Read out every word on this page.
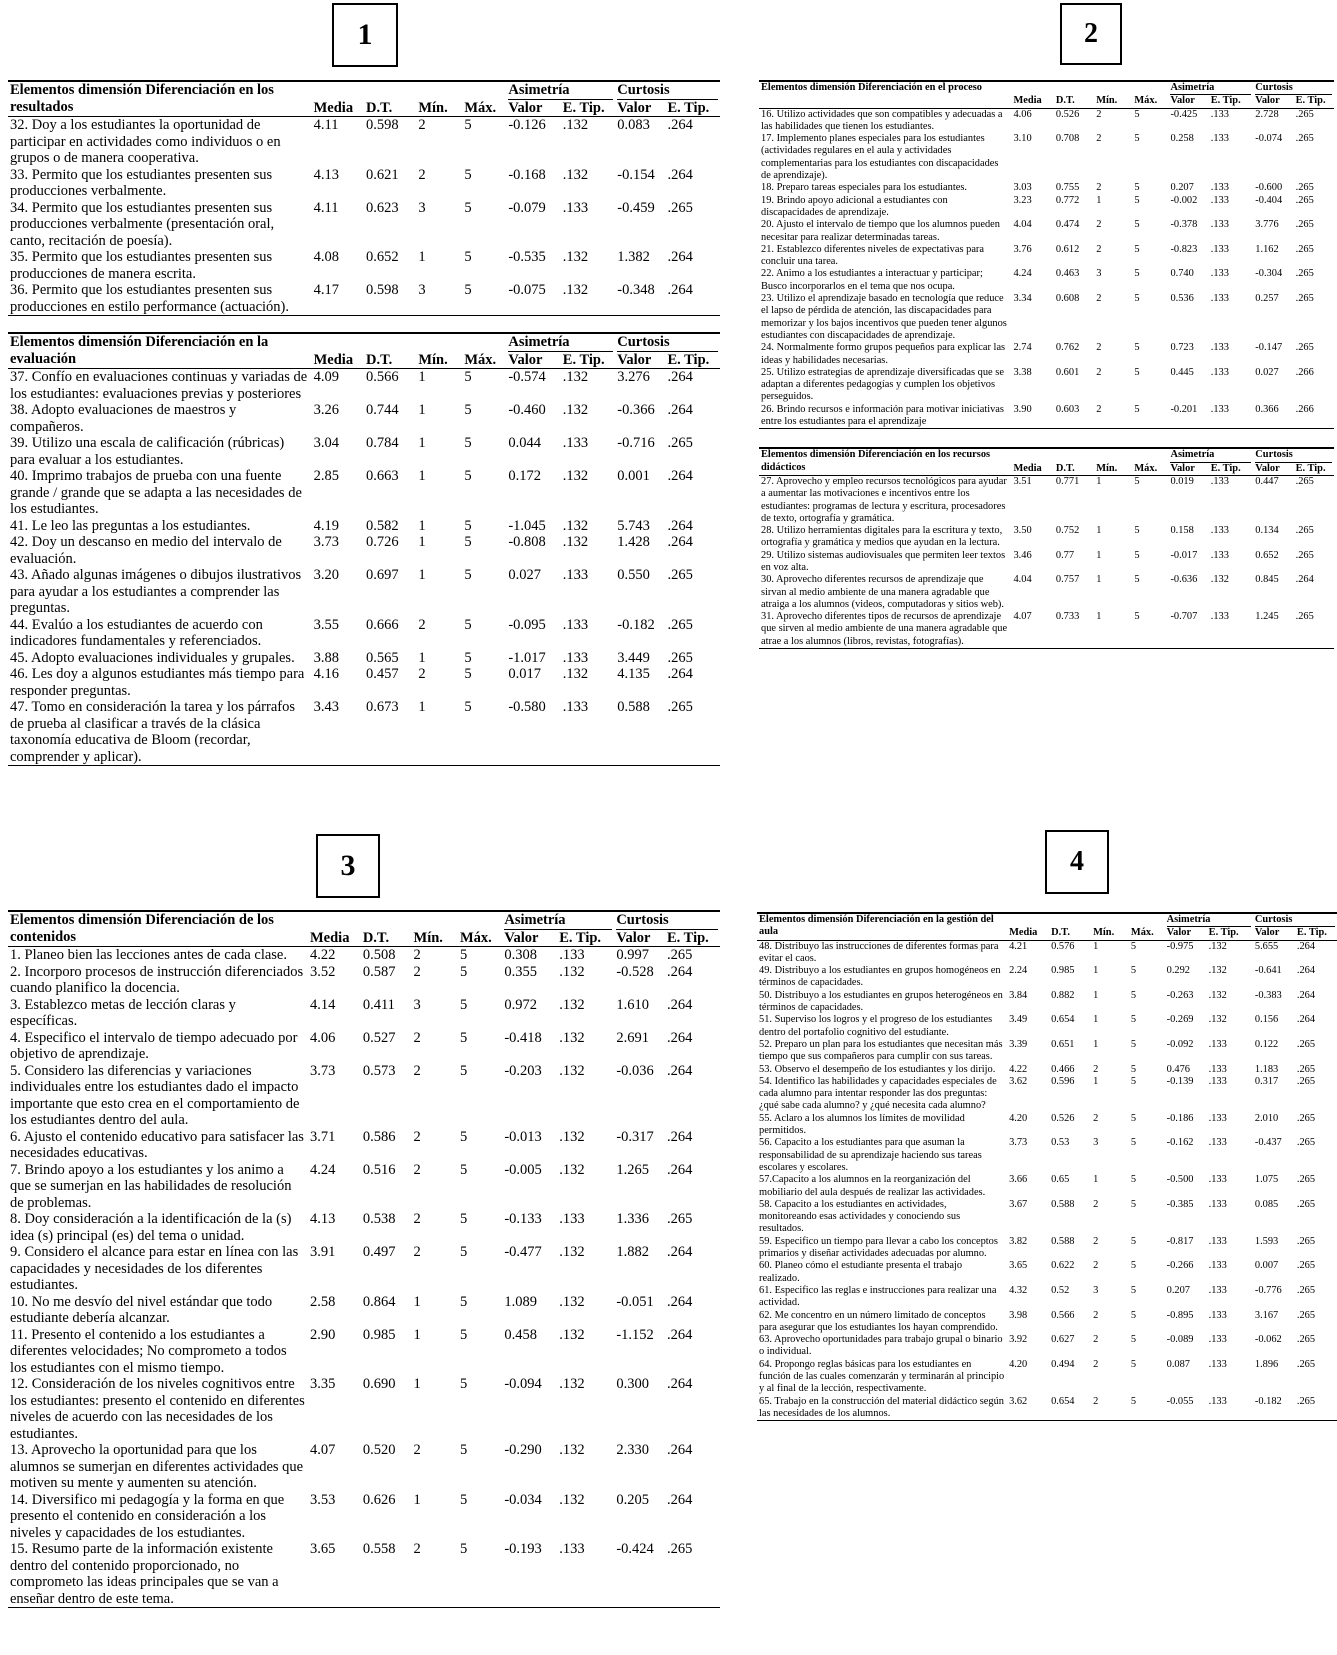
1
Elementos dimensión Diferenciación en los resultados					Asimetría		Curtosis	

	Media	D.T.	Mín.	Máx.	Valor	E. Tip.	Valor	E. Tip.
32. Doy a los estudiantes la oportunidad de participar en actividades como individuos o en grupos o de manera cooperativa.	4.11	0.598	2	5	-0.126	.132	0.083	.264
33. Permito que los estudiantes presenten sus producciones verbalmente.	4.13	0.621	2	5	-0.168	.132	-0.154	.264
34. Permito que los estudiantes presenten sus producciones verbalmente (presentación oral, canto, recitación de poesía).	4.11	0.623	3	5	-0.079	.133	-0.459	.265
35. Permito que los estudiantes presenten sus producciones de manera escrita.	4.08	0.652	1	5	-0.535	.132	1.382	.264
36. Permito que los estudiantes presenten sus producciones en estilo performance (actuación).	4.17	0.598	3	5	-0.075	.132	-0.348	.264
Elementos dimensión Diferenciación en la evaluación					Asimetría		Curtosis	

	Media	D.T.	Mín.	Máx.	Valor	E. Tip.	Valor	E. Tip.
37. Confío en evaluaciones continuas y variadas de los estudiantes: evaluaciones previas y posteriores	4.09	0.566	1	5	-0.574	.132	3.276	.264
38. Adopto evaluaciones de maestros y compañeros.	3.26	0.744	1	5	-0.460	.132	-0.366	.264
39. Utilizo una escala de calificación (rúbricas) para evaluar a los estudiantes.	3.04	0.784	1	5	0.044	.133	-0.716	.265
40. Imprimo trabajos de prueba con una fuente grande / grande que se adapta a las necesidades de los estudiantes.	2.85	0.663	1	5	0.172	.132	0.001	.264
41. Le leo las preguntas a los estudiantes.	4.19	0.582	1	5	-1.045	.132	5.743	.264
42. Doy un descanso en medio del intervalo de evaluación.	3.73	0.726	1	5	-0.808	.132	1.428	.264
43. Añado algunas imágenes o dibujos ilustrativos para ayudar a los estudiantes a comprender las preguntas.	3.20	0.697	1	5	0.027	.133	0.550	.265
44. Evalúo a los estudiantes de acuerdo con indicadores fundamentales y referenciados.	3.55	0.666	2	5	-0.095	.133	-0.182	.265
45. Adopto evaluaciones individuales y grupales.	3.88	0.565	1	5	-1.017	.133	3.449	.265
46. Les doy a algunos estudiantes más tiempo para responder preguntas.	4.16	0.457	2	5	0.017	.132	4.135	.264
47. Tomo en consideración la tarea y los párrafos de prueba al clasificar a través de la clásica taxonomía educativa de Bloom (recordar, comprender y aplicar).	3.43	0.673	1	5	-0.580	.133	0.588	.265
2
Elementos dimensión Diferenciación en el proceso					Asimetría		Curtosis	

	Media	D.T.	Mín.	Máx.	Valor	E. Tip.	Valor	E. Tip.
16. Utilizo actividades que son compatibles y adecuadas a las habilidades que tienen los estudiantes.	4.06	0.526	2	5	-0.425	.133	2.728	.265
17. Implemento planes especiales para los estudiantes (actividades regulares en el aula y actividades complementarias para los estudiantes con discapacidades de aprendizaje).	3.10	0.708	2	5	0.258	.133	-0.074	.265
18. Preparo tareas especiales para los estudiantes.	3.03	0.755	2	5	0.207	.133	-0.600	.265
19. Brindo apoyo adicional a estudiantes con discapacidades de aprendizaje.	3.23	0.772	1	5	-0.002	.133	-0.404	.265
20. Ajusto el intervalo de tiempo que los alumnos pueden necesitar para realizar determinadas tareas.	4.04	0.474	2	5	-0.378	.133	3.776	.265
21. Establezco diferentes niveles de expectativas para concluir una tarea.	3.76	0.612	2	5	-0.823	.133	1.162	.265
22. Animo a los estudiantes a interactuar y participar; Busco incorporarlos en el tema que nos ocupa.	4.24	0.463	3	5	0.740	.133	-0.304	.265
23. Utilizo el aprendizaje basado en tecnología que reduce el lapso de pérdida de atención, las discapacidades para memorizar y los bajos incentivos que pueden tener algunos estudiantes con discapacidades de aprendizaje.	3.34	0.608	2	5	0.536	.133	0.257	.265
24. Normalmente formo grupos pequeños para explicar las ideas y habilidades necesarias.	2.74	0.762	2	5	0.723	.133	-0.147	.265
25. Utilizo estrategias de aprendizaje diversificadas que se adaptan a diferentes pedagogías y cumplen los objetivos perseguidos.	3.38	0.601	2	5	0.445	.133	0.027	.266
26. Brindo recursos e información para motivar iniciativas entre los estudiantes para el aprendizaje	3.90	0.603	2	5	-0.201	.133	0.366	.266
Elementos dimensión Diferenciación en los recursos didácticos					Asimetría		Curtosis	

	Media	D.T.	Mín.	Máx.	Valor	E. Tip.	Valor	E. Tip.
27. Aprovecho y empleo recursos tecnológicos para ayudar a aumentar las motivaciones e incentivos entre los estudiantes: programas de lectura y escritura, procesadores de texto, ortografía y gramática.	3.51	0.771	1	5	0.019	.133	0.447	.265
28. Utilizo herramientas digitales para la escritura y texto, ortografía y gramática y medios que ayudan en la lectura.	3.50	0.752	1	5	0.158	.133	0.134	.265
29. Utilizo sistemas audiovisuales que permiten leer textos en voz alta.	3.46	0.77	1	5	-0.017	.133	0.652	.265
30. Aprovecho diferentes recursos de aprendizaje que sirvan al medio ambiente de una manera agradable que atraiga a los alumnos (videos, computadoras y sitios web).	4.04	0.757	1	5	-0.636	.132	0.845	.264
31. Aprovecho diferentes tipos de recursos de aprendizaje que sirven al medio ambiente de una manera agradable que atrae a los alumnos (libros, revistas, fotografías).	4.07	0.733	1	5	-0.707	.133	1.245	.265
3
Elementos dimensión Diferenciación de los contenidos					Asimetría		Curtosis	

	Media	D.T.	Mín.	Máx.	Valor	E. Tip.	Valor	E. Tip.
1. Planeo bien las lecciones antes de cada clase.	4.22	0.508	2	5	0.308	.133	0.997	.265
2. Incorporo procesos de instrucción diferenciados cuando planifico la docencia.	3.52	0.587	2	5	0.355	.132	-0.528	.264
3. Establezco metas de lección claras y específicas.	4.14	0.411	3	5	0.972	.132	1.610	.264
4. Especifico el intervalo de tiempo adecuado por objetivo de aprendizaje.	4.06	0.527	2	5	-0.418	.132	2.691	.264
5. Considero las diferencias y variaciones individuales entre los estudiantes dado el impacto importante que esto crea en el comportamiento de los estudiantes dentro del aula.	3.73	0.573	2	5	-0.203	.132	-0.036	.264
6. Ajusto el contenido educativo para satisfacer las necesidades educativas.	3.71	0.586	2	5	-0.013	.132	-0.317	.264
7. Brindo apoyo a los estudiantes y los animo a que se sumerjan en las habilidades de resolución de problemas.	4.24	0.516	2	5	-0.005	.132	1.265	.264
8. Doy consideración a la identificación de la (s) idea (s) principal (es) del tema o unidad.	4.13	0.538	2	5	-0.133	.133	1.336	.265
9. Considero el alcance para estar en línea con las capacidades y necesidades de los diferentes estudiantes.	3.91	0.497	2	5	-0.477	.132	1.882	.264
10. No me desvío del nivel estándar que todo estudiante debería alcanzar.	2.58	0.864	1	5	1.089	.132	-0.051	.264
11. Presento el contenido a los estudiantes a diferentes velocidades; No comprometo a todos los estudiantes con el mismo tiempo.	2.90	0.985	1	5	0.458	.132	-1.152	.264
12. Consideración de los niveles cognitivos entre los estudiantes: presento el contenido en diferentes niveles de acuerdo con las necesidades de los estudiantes.	3.35	0.690	1	5	-0.094	.132	0.300	.264
13. Aprovecho la oportunidad para que los alumnos se sumerjan en diferentes actividades que motiven su mente y aumenten su atención.	4.07	0.520	2	5	-0.290	.132	2.330	.264
14. Diversifico mi pedagogía y la forma en que presento el contenido en consideración a los niveles y capacidades de los estudiantes.	3.53	0.626	1	5	-0.034	.132	0.205	.264
15. Resumo parte de la información existente dentro del contenido proporcionado, no comprometo las ideas principales que se van a enseñar dentro de este tema.	3.65	0.558	2	5	-0.193	.133	-0.424	.265
4
Elementos dimensión Diferenciación en la gestión del aula					Asimetría		Curtosis	

	Media	D.T.	Mín.	Máx.	Valor	E. Tip.	Valor	E. Tip.
48. Distribuyo las instrucciones de diferentes formas para evitar el caos.	4.21	0.576	1	5	-0.975	.132	5.655	.264
49. Distribuyo a los estudiantes en grupos homogéneos en términos de capacidades.	2.24	0.985	1	5	0.292	.132	-0.641	.264
50. Distribuyo a los estudiantes en grupos heterogéneos en términos de capacidades.	3.84	0.882	1	5	-0.263	.132	-0.383	.264
51. Superviso los logros y el progreso de los estudiantes dentro del portafolio cognitivo del estudiante.	3.49	0.654	1	5	-0.269	.132	0.156	.264
52. Preparo un plan para los estudiantes que necesitan más tiempo que sus compañeros para cumplir con sus tareas.	3.39	0.651	1	5	-0.092	.133	0.122	.265
53. Observo el desempeño de los estudiantes y los dirijo.	4.22	0.466	2	5	0.476	.133	1.183	.265
54. Identifico las habilidades y capacidades especiales de cada alumno para intentar responder las dos preguntas: ¿qué sabe cada alumno? y ¿qué necesita cada alumno?	3.62	0.596	1	5	-0.139	.133	0.317	.265
55. Aclaro a los alumnos los límites de movilidad permitidos.	4.20	0.526	2	5	-0.186	.133	2.010	.265
56. Capacito a los estudiantes para que asuman la responsabilidad de su aprendizaje haciendo sus tareas escolares y escolares.	3.73	0.53	3	5	-0.162	.133	-0.437	.265
57.Capacito a los alumnos en la reorganización del mobiliario del aula después de realizar las actividades.	3.66	0.65	1	5	-0.500	.133	1.075	.265
58. Capacito a los estudiantes en actividades, monitoreando esas actividades y conociendo sus resultados.	3.67	0.588	2	5	-0.385	.133	0.085	.265
59. Especifico un tiempo para llevar a cabo los conceptos primarios y diseñar actividades adecuadas por alumno.	3.82	0.588	2	5	-0.817	.133	1.593	.265
60. Planeo cómo el estudiante presenta el trabajo realizado.	3.65	0.622	2	5	-0.266	.133	0.007	.265
61. Especifico las reglas e instrucciones para realizar una actividad.	4.32	0.52	3	5	0.207	.133	-0.776	.265
62. Me concentro en un número limitado de conceptos para asegurar que los estudiantes los hayan comprendido.	3.98	0.566	2	5	-0.895	.133	3.167	.265
63. Aprovecho oportunidades para trabajo grupal o binario o individual.	3.92	0.627	2	5	-0.089	.133	-0.062	.265
64. Propongo reglas básicas para los estudiantes en función de las cuales comenzarán y terminarán al principio y al final de la lección, respectivamente.	4.20	0.494	2	5	0.087	.133	1.896	.265
65. Trabajo en la construcción del material didáctico según las necesidades de los alumnos.	3.62	0.654	2	5	-0.055	.133	-0.182	.265
